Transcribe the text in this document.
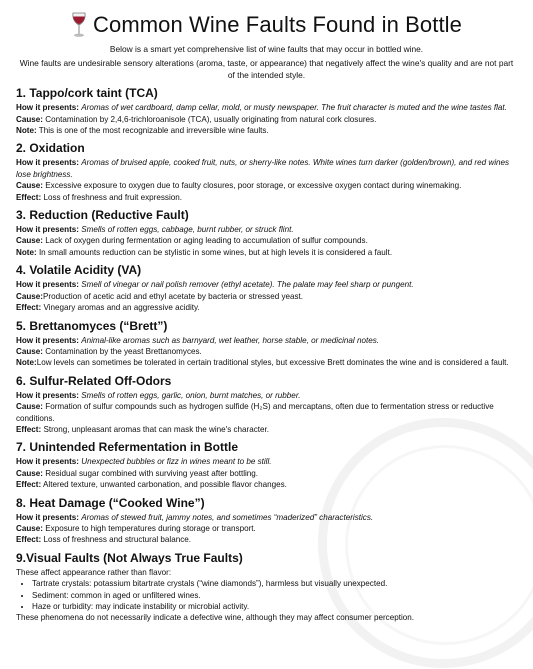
Common Wine Faults Found in Bottle

Below is a smart yet comprehensive list of wine faults that may occur in bottled wine.

Wine faults are undesirable sensory alterations (aroma, taste, or appearance) that negatively affect the wine's quality and are not part of the intended style.

1. Tappo/cork taint (TCA)

How it presents: Aromas of wet cardboard, damp cellar, mold, or musty newspaper. The fruit character is muted and the wine tastes flat.

Cause: Contamination by 2,4,6-trichloroanisole (TCA), usually originating from natural cork closures.

Note: This is one of the most recognizable and irreversible wine faults.

2. Oxidation

How it presents: Aromas of bruised apple, cooked fruit, nuts, or sherry-like notes. White wines turn darker (golden/brown), and red wines lose brightness.

Cause: Excessive exposure to oxygen due to faulty closures, poor storage, or excessive oxygen contact during winemaking.

Effect: Loss of freshness and fruit expression.

3. Reduction (Reductive Fault)

How it presents: Smells of rotten eggs, cabbage, burnt rubber, or struck flint.

Cause: Lack of oxygen during fermentation or aging leading to accumulation of sulfur compounds.

Note: In small amounts reduction can be stylistic in some wines, but at high levels it is considered a fault.

4. Volatile Acidity (VA)

How it presents: Smell of vinegar or nail polish remover (ethyl acetate). The palate may feel sharp or pungent.

Cause:Production of acetic acid and ethyl acetate by bacteria or stressed yeast.

Effect: Vinegary aromas and an aggressive acidity.

5. Brettanomyces (“Brett”)

How it presents: Animal-like aromas such as barnyard, wet leather, horse stable, or medicinal notes.

Cause: Contamination by the yeast Brettanomyces.

Note:Low levels can sometimes be tolerated in certain traditional styles, but excessive Brett dominates the wine and is considered a fault.

6. Sulfur-Related Off-Odors

How it presents: Smells of rotten eggs, garlic, onion, burnt matches, or rubber.

Cause: Formation of sulfur compounds such as hydrogen sulfide (H₂S) and mercaptans, often due to fermentation stress or reductive conditions.

Effect: Strong, unpleasant aromas that can mask the wine's character.

7. Unintended Refermentation in Bottle

How it presents: Unexpected bubbles or fizz in wines meant to be still.

Cause: Residual sugar combined with surviving yeast after bottling.

Effect: Altered texture, unwanted carbonation, and possible flavor changes.

8. Heat Damage (“Cooked Wine”)

How it presents: Aromas of stewed fruit, jammy notes, and sometimes “maderized” characteristics.

Cause: Exposure to high temperatures during storage or transport.

Effect: Loss of freshness and structural balance.

9.Visual Faults (Not Always True Faults)

These affect appearance rather than flavor:

• Tartrate crystals: potassium bitartrate crystals (“wine diamonds”), harmless but visually unexpected.
• Sediment: common in aged or unfiltered wines.
• Haze or turbidity: may indicate instability or microbial activity.

These phenomena do not necessarily indicate a defective wine, although they may affect consumer perception.
